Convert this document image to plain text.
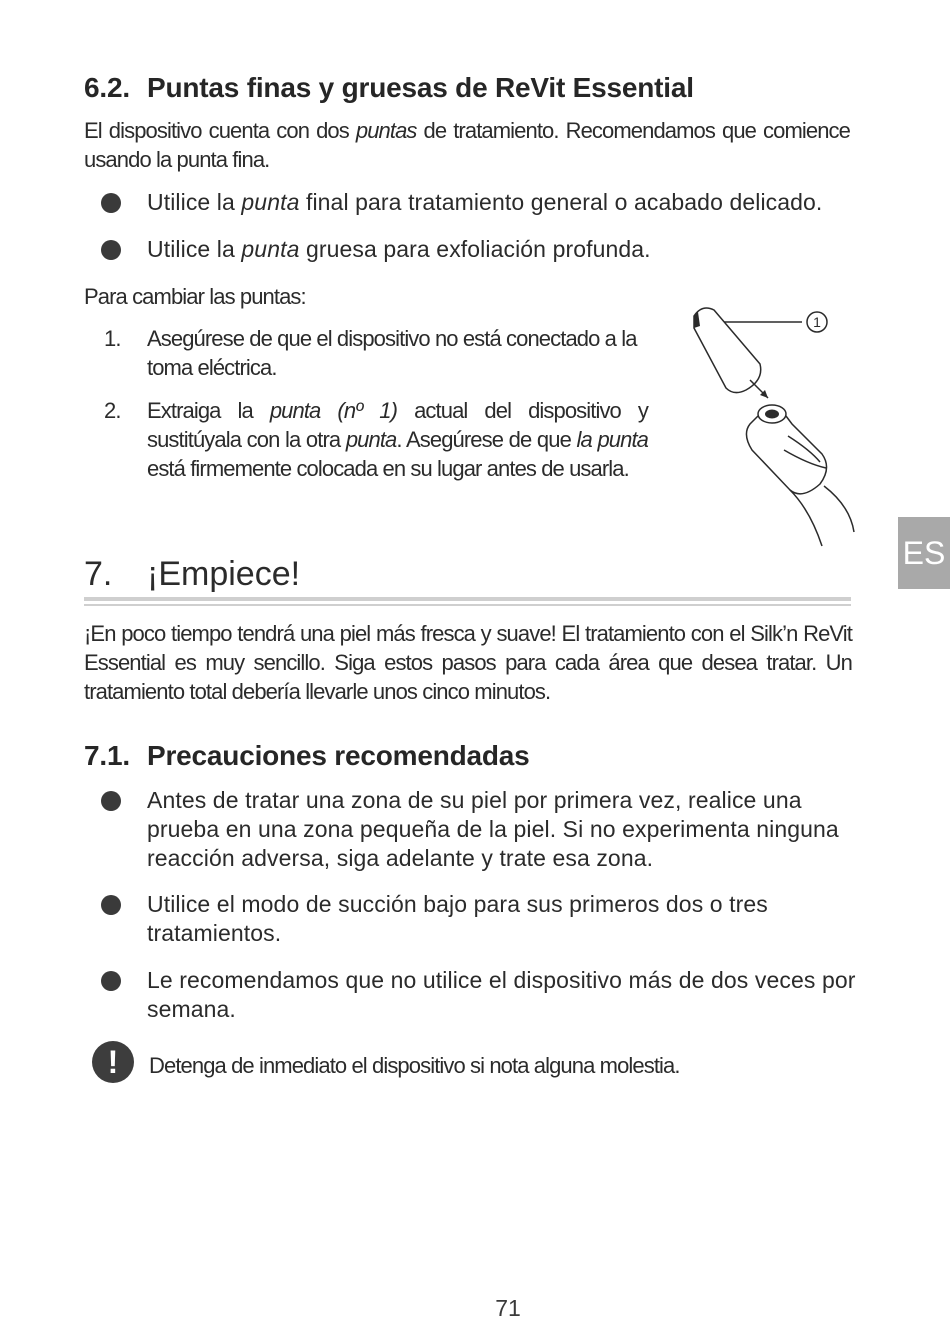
6.2. Puntas finas y gruesas de ReVit Essential
El dispositivo cuenta con dos puntas de tratamiento. Recomendamos que comience usando la punta fina.
Utilice la punta final para tratamiento general o acabado delicado.
Utilice la punta gruesa para exfoliación profunda.
Para cambiar las puntas:
1. Asegúrese de que el dispositivo no está conectado a la toma eléctrica.
2. Extraiga la punta (nº 1) actual del dispositivo y sustitúyala con la otra punta. Asegúrese de que la punta está firmemente colocada en su lugar antes de usarla.
1
ES
7. ¡Empiece!
¡En poco tiempo tendrá una piel más fresca y suave! El tratamiento con el Silk’n ReVit Essential es muy sencillo. Siga estos pasos para cada área que desea tratar. Un tratamiento total debería llevarle unos cinco minutos.
7.1. Precauciones recomendadas
Antes de tratar una zona de su piel por primera vez, realice una prueba en una zona pequeña de la piel. Si no experimenta ninguna reacción adversa, siga adelante y trate esa zona.
Utilice el modo de succión bajo para sus primeros dos o tres tratamientos.
Le recomendamos que no utilice el dispositivo más de dos veces por semana.
!	Detenga de inmediato el dispositivo si nota alguna molestia.
71
